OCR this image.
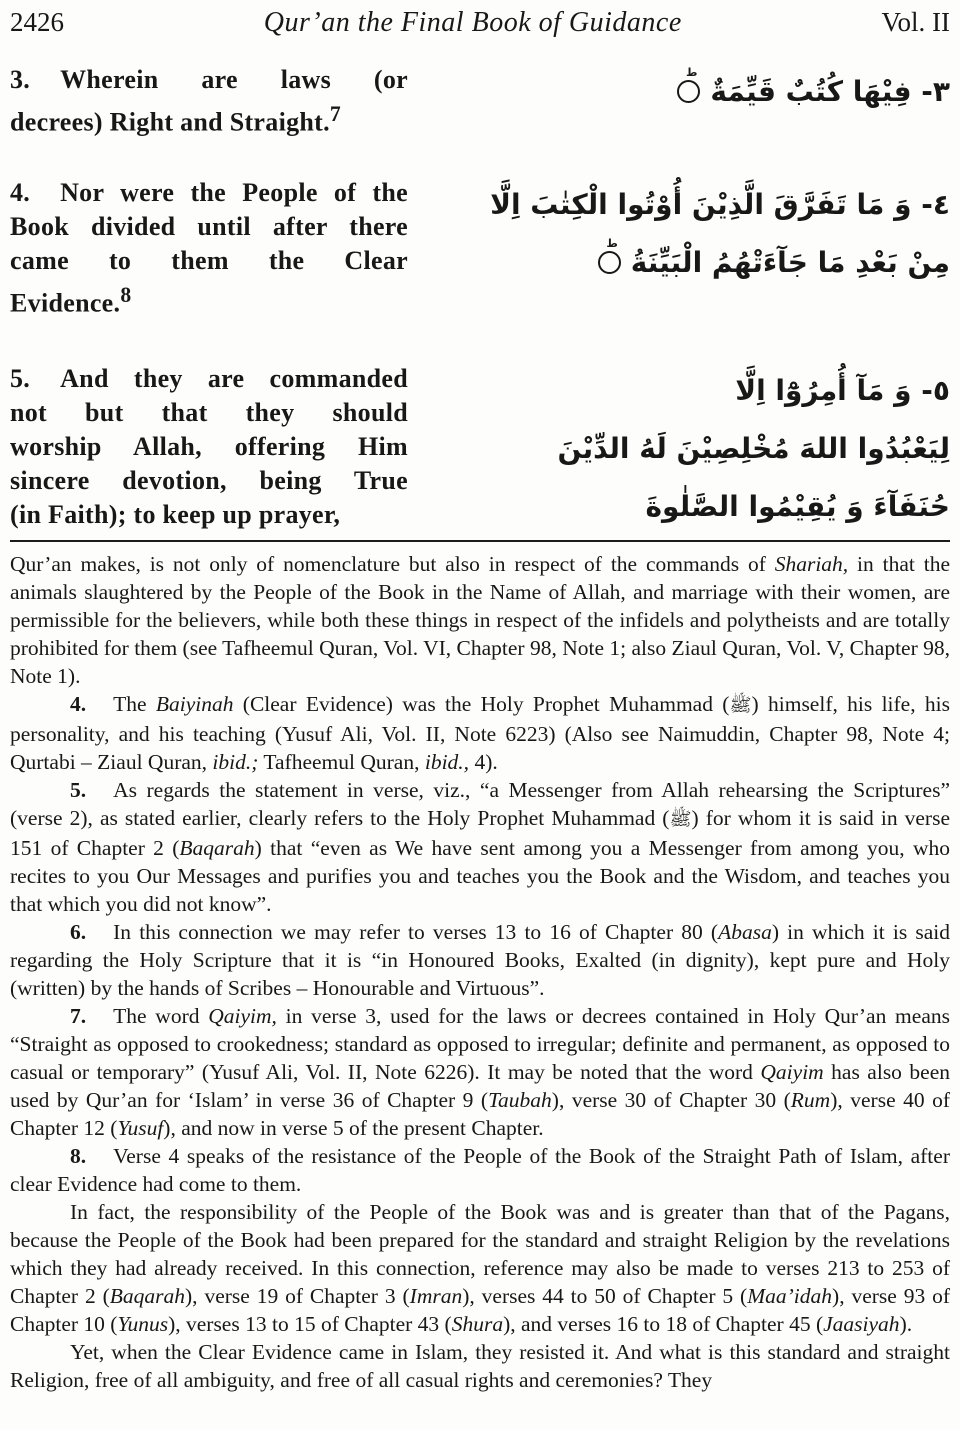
2426	Qur’an the Final Book of Guidance	Vol. II
3. Wherein are laws (or
decrees) Right and Straight.$^7$
٣- فِيْهَا كُتُبٌ قَيِّمَةٌ
ط
4. Nor were the People of the
Book divided until after there
came to them the Clear
Evidence.$^8$
٤- وَ مَا تَفَرَّقَ الَّذِيْنَ أُوْتُوا الْكِتٰبَ اِلَّا
مِنْ بَعْدِ مَا جَآءَتْهُمُ الْبَيِّنَةُ
ط
5. And they are commanded
not but that they should
worship Allah, offering Him
sincere devotion, being True
(in Faith); to keep up prayer,
٥- وَ مَآ أُمِرُوْٓا اِلَّا
لِيَعْبُدُوا اللهَ مُخْلِصِيْنَ لَهُ الدِّيْنَ
حُنَفَآءَ وَ يُقِيْمُوا الصَّلٰوةَ

Qur’an makes, is not only of nomenclature but also in respect of the commands of Shariah, in that the animals slaughtered by the People of the Book in the Name of Allah, and marriage with their women, are permissible for the believers, while both these things in respect of the infidels and polytheists and are totally prohibited for them (see Tafheemul Quran, Vol. VI, Chapter 98, Note 1; also Ziaul Quran, Vol. V, Chapter 98, Note 1).

4. The Baiyinah (Clear Evidence) was the Holy Prophet Muhammad (ﷺ) himself, his life, his personality, and his teaching (Yusuf Ali, Vol. II, Note 6223) (Also see Naimuddin, Chapter 98, Note 4; Qurtabi – Ziaul Quran, ibid.; Tafheemul Quran, ibid., 4).

5. As regards the statement in verse, viz., “a Messenger from Allah rehearsing the Scriptures” (verse 2), as stated earlier, clearly refers to the Holy Prophet Muhammad (ﷺ) for whom it is said in verse 151 of Chapter 2 (Baqarah) that “even as We have sent among you a Messenger from among you, who recites to you Our Messages and purifies you and teaches you the Book and the Wisdom, and teaches you that which you did not know”.

6. In this connection we may refer to verses 13 to 16 of Chapter 80 (Abasa) in which it is said regarding the Holy Scripture that it is “in Honoured Books, Exalted (in dignity), kept pure and Holy (written) by the hands of Scribes – Honourable and Virtuous”.

7. The word Qaiyim, in verse 3, used for the laws or decrees contained in Holy Qur’an means “Straight as opposed to crookedness; standard as opposed to irregular; definite and permanent, as opposed to casual or temporary” (Yusuf Ali, Vol. II, Note 6226). It may be noted that the word Qaiyim has also been used by Qur’an for ‘Islam’ in verse 36 of Chapter 9 (Taubah), verse 30 of Chapter 30 (Rum), verse 40 of Chapter 12 (Yusuf), and now in verse 5 of the present Chapter.

8. Verse 4 speaks of the resistance of the People of the Book of the Straight Path of Islam, after clear Evidence had come to them.

In fact, the responsibility of the People of the Book was and is greater than that of the Pagans, because the People of the Book had been prepared for the standard and straight Religion by the revelations which they had already received. In this connection, reference may also be made to verses 213 to 253 of Chapter 2 (Baqarah), verse 19 of Chapter 3 (Imran), verses 44 to 50 of Chapter 5 (Maa’idah), verse 93 of Chapter 10 (Yunus), verses 13 to 15 of Chapter 43 (Shura), and verses 16 to 18 of Chapter 45 (Jaasiyah).

Yet, when the Clear Evidence came in Islam, they resisted it. And what is this standard and straight Religion, free of all ambiguity, and free of all casual rights and ceremonies? They
